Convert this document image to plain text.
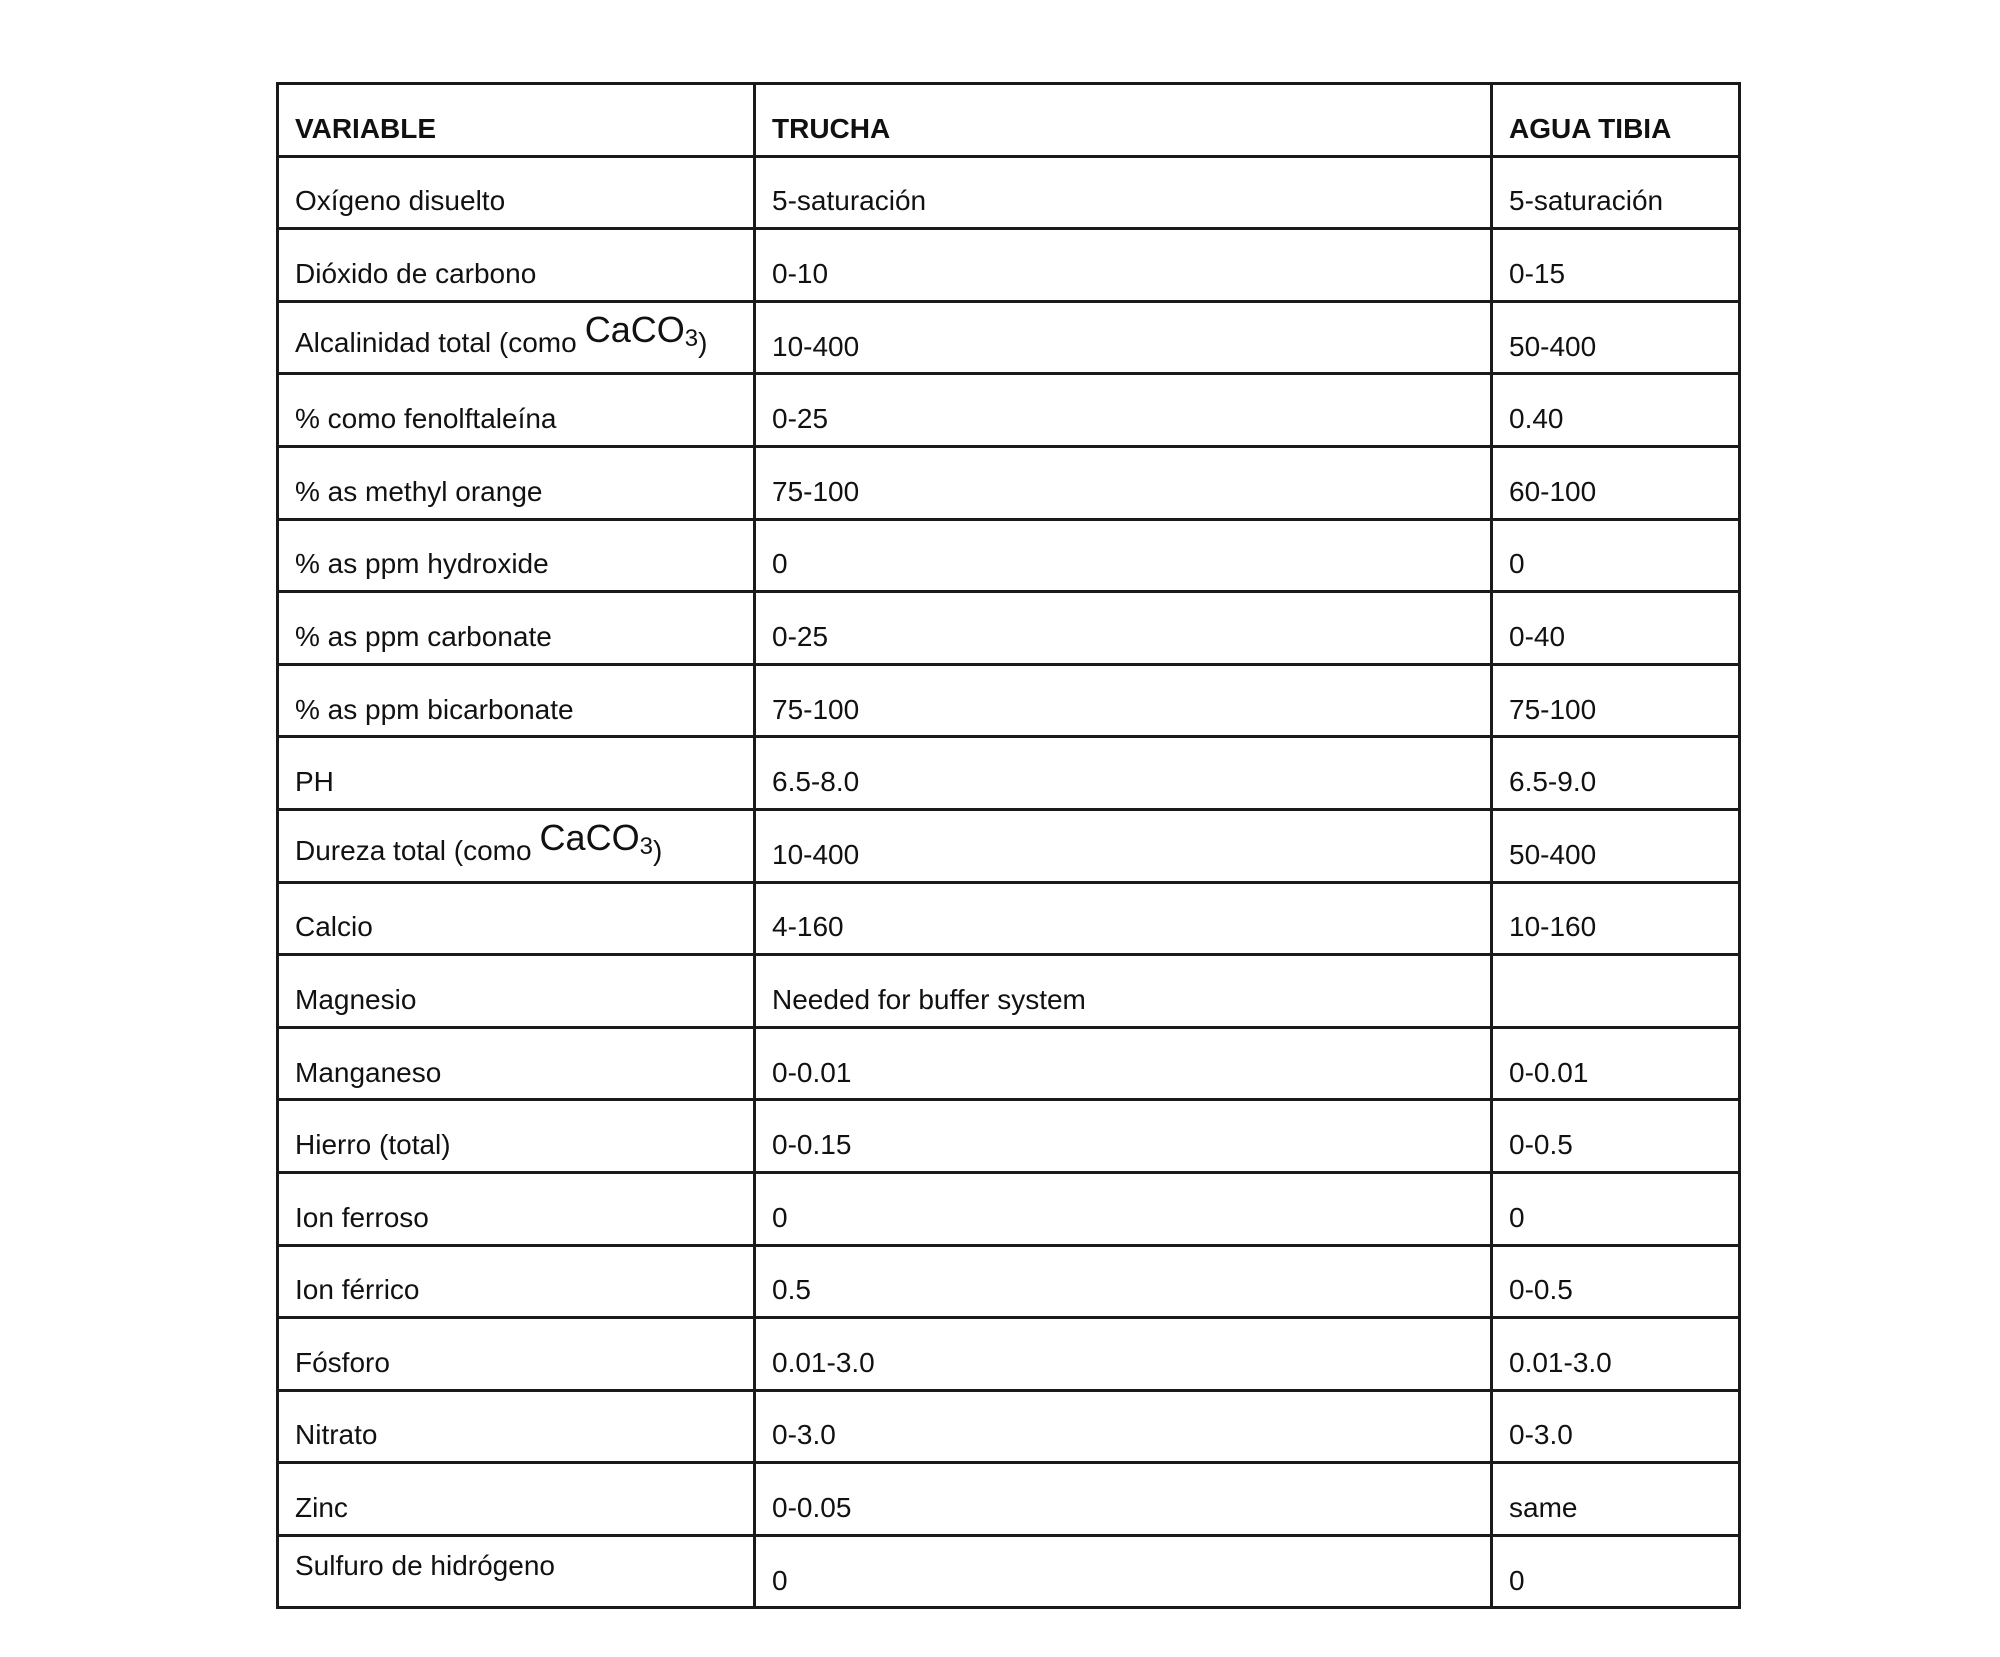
VARIABLE	TRUCHA	AGUA TIBIA
Oxígeno disuelto	5-saturación	5-saturación
Dióxido de carbono	0-10	0-15
Alcalinidad total (como CaCO$_3$)	10-400	50-400
% como fenolftaleína	0-25	0.40
% as methyl orange	75-100	60-100
% as ppm hydroxide	0	0
% as ppm carbonate	0-25	0-40
% as ppm bicarbonate	75-100	75-100
PH	6.5-8.0	6.5-9.0
Dureza total (como CaCO$_3$)	10-400	50-400
Calcio	4-160	10-160
Magnesio	Needed for buffer system	
Manganeso	0-0.01	0-0.01
Hierro (total)	0-0.15	0-0.5
Ion ferroso	0	0
Ion férrico	0.5	0-0.5
Fósforo	0.01-3.0	0.01-3.0
Nitrato	0-3.0	0-3.0
Zinc	0-0.05	same
Sulfuro de hidrógeno	0	0
